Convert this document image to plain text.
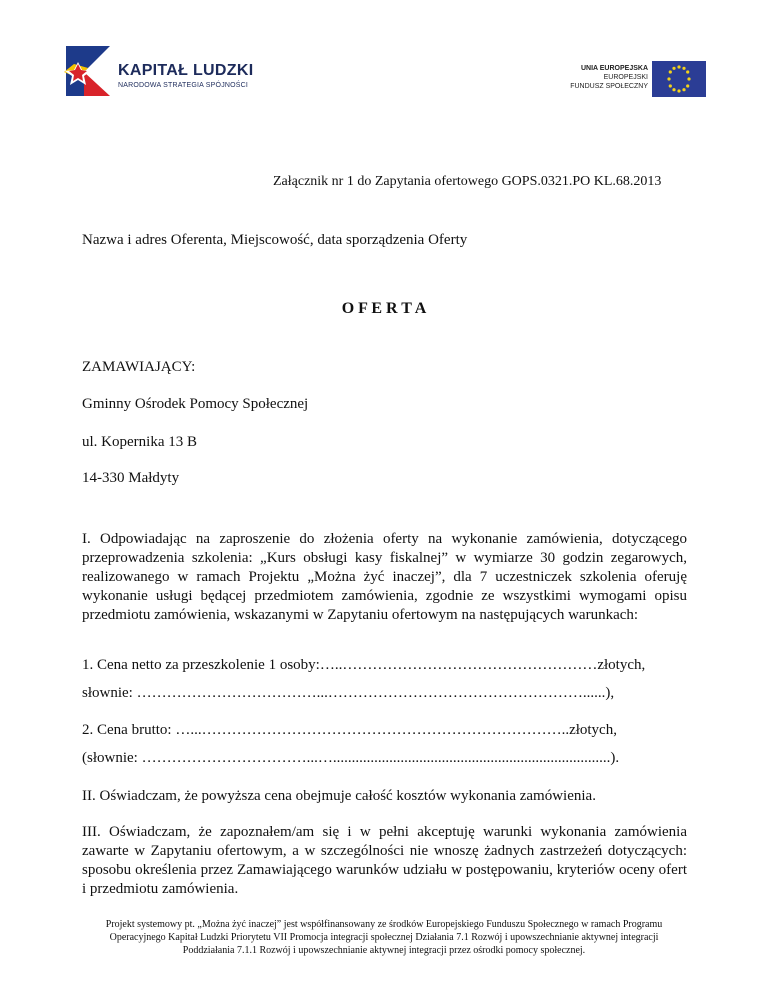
KAPITAŁ LUDZKI
NARODOWA STRATEGIA SPÓJNOŚCI
UNIA EUROPEJSKA
EUROPEJSKI
FUNDUSZ SPOŁECZNY
Załącznik nr 1 do Zapytania ofertowego GOPS.0321.PO KL.68.2013
Nazwa i adres Oferenta, Miejscowość, data sporządzenia Oferty
O F E R T A
ZAMAWIAJĄCY:
Gminny Ośrodek Pomocy Społecznej
ul. Kopernika 13 B
14-330 Małdyty
I. Odpowiadając na zaproszenie do złożenia oferty na wykonanie zamówienia, dotyczącego przeprowadzenia szkolenia: „Kurs obsługi kasy fiskalnej” w wymiarze 30 godzin zegarowych, realizowanego w ramach Projektu „Można żyć inaczej”, dla 7 uczestniczek szkolenia oferuję wykonanie usługi będącej przedmiotem zamówienia, zgodnie ze wszystkimi wymogami opisu przedmiotu zamówienia, wskazanymi w Zapytaniu ofertowym na następujących warunkach:
1. Cena netto za przeszkolenie 1 osoby:…..……………………………………………złotych,
słownie: ………………………………...……………………………………………......),
2. Cena brutto: …...………………………………………………………………..złotych,
(słownie: ……………………………...…..........................................................................).
II. Oświadczam, że powyższa cena obejmuje całość kosztów wykonania zamówienia.
III. Oświadczam, że zapoznałem/am się i w pełni akceptuję warunki wykonania zamówienia zawarte w Zapytaniu ofertowym, a w szczególności nie wnoszę żadnych zastrzeżeń dotyczących: sposobu określenia przez Zamawiającego warunków udziału w postępowaniu, kryteriów oceny ofert i przedmiotu zamówienia.
Projekt systemowy pt. „Można żyć inaczej” jest współfinansowany ze środków Europejskiego Funduszu Społecznego w ramach Programu
Operacyjnego Kapitał Ludzki Priorytetu VII Promocja integracji społecznej Działania 7.1 Rozwój i upowszechnianie aktywnej integracji
Poddziałania 7.1.1 Rozwój i upowszechnianie aktywnej integracji przez ośrodki pomocy społecznej.
